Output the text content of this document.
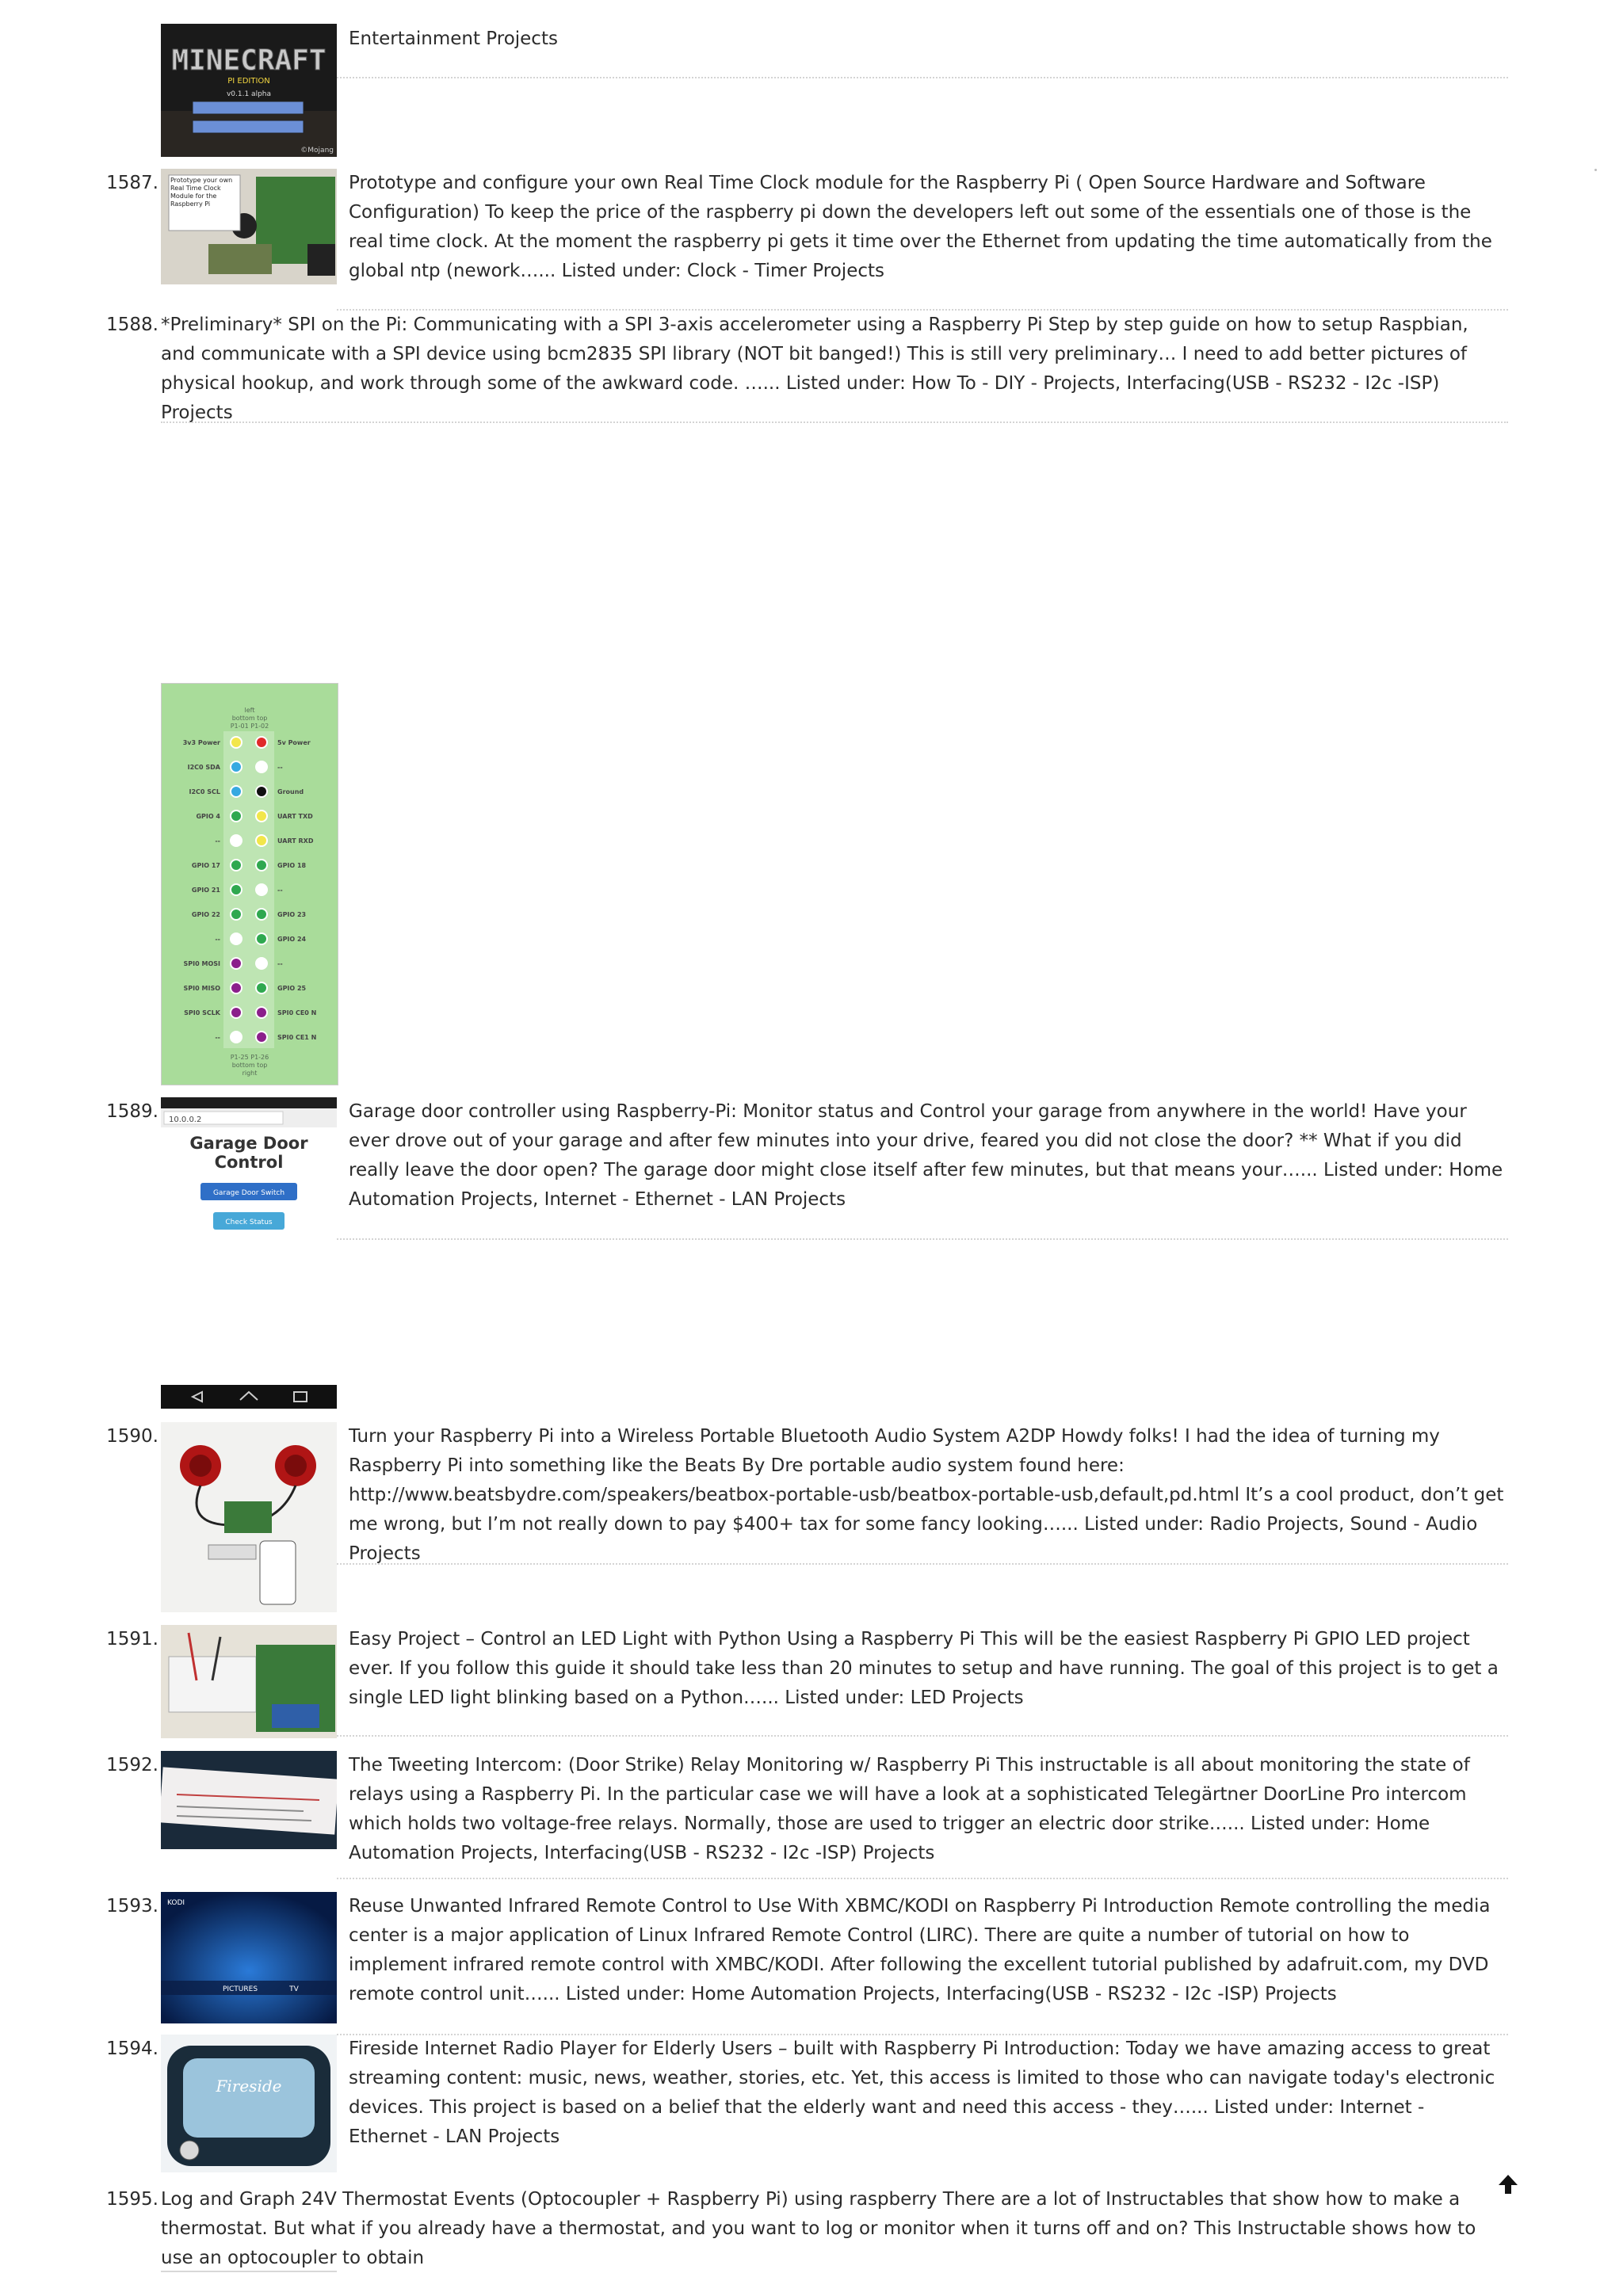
MINECRAFT
PI EDITION
v0.1.1 alpha
©Mojang
Entertainment Projects
1587. Prototype your own Real Time Clock Module for the Raspberry Pi
Prototype and configure your own Real Time Clock module for the Raspberry Pi ( Open Source Hardware and Software Configuration) To keep the price of the raspberry pi down the developers left out some of the essentials one of those is the real time clock. At the moment the raspberry pi gets it time over the Ethernet from updating the time automatically from the global ntp (nework…... Listed under: Clock - Timer Projects
1588. *Preliminary* SPI on the Pi: Communicating with a SPI 3-axis accelerometer using a Raspberry Pi Step by step guide on how to setup Raspbian, and communicate with a SPI device using bcm2835 SPI library (NOT bit banged!) This is still very preliminary… I need to add better pictures of physical hookup, and work through some of the awkward code. …... Listed under: How To - DIY - Projects, Interfacing(USB - RS232 - I2c -ISP) Projects
left
bottom top
P1-01 P1-02
3v3 Power	5v Power
I2C0 SDA	--
I2C0 SCL	Ground
GPIO 4	UART TXD
--	UART RXD
GPIO 17	GPIO 18
GPIO 21	--
GPIO 22	GPIO 23
--	GPIO 24
SPI0 MOSI	--
SPI0 MISO	GPIO 25
SPI0 SCLK	SPI0 CE0 N
--	SPI0 CE1 N
P1-25 P1-26
bottom top
right
1589. 10.0.0.2
Garage Door Control
Garage Door Switch
Check Status
Garage door controller using Raspberry-Pi: Monitor status and Control your garage from anywhere in the world! Have your ever drove out of your garage and after few minutes into your drive, feared you did not close the door? ** What if you did really leave the door open? The garage door might close itself after few minutes, but that means your…... Listed under: Home Automation Projects, Internet - Ethernet - LAN Projects
1590.	Turn your Raspberry Pi into a Wireless Portable Bluetooth Audio System A2DP Howdy folks! I had the idea of turning my Raspberry Pi into something like the Beats By Dre portable audio system found here: http://www.beatsbydre.com/speakers/beatbox-portable-usb/beatbox-portable-usb,default,pd.html It’s a cool product, don’t get me wrong, but I’m not really down to pay $400+ tax for some fancy looking…... Listed under: Radio Projects, Sound - Audio Projects
1591.	Easy Project – Control an LED Light with Python Using a Raspberry Pi This will be the easiest Raspberry Pi GPIO LED project ever. If you follow this guide it should take less than 20 minutes to setup and have running. The goal of this project is to get a single LED light blinking based on a Python…... Listed under: LED Projects
1592.	The Tweeting Intercom: (Door Strike) Relay Monitoring w/ Raspberry Pi This instructable is all about monitoring the state of relays using a Raspberry Pi. In the particular case we will have a look at a sophisticated Telegärtner DoorLine Pro intercom which holds two voltage-free relays. Normally, those are used to trigger an electric door strike…... Listed under: Home Automation Projects, Interfacing(USB - RS232 - I2c -ISP) Projects
1593. KODI
PICTURES	TV
Reuse Unwanted Infrared Remote Control to Use With XBMC/KODI on Raspberry Pi Introduction Remote controlling the media center is a major application of Linux Infrared Remote Control (LIRC). There are quite a number of tutorial on how to implement infrared remote control with XMBC/KODI. After following the excellent tutorial published by adafruit.com, my DVD remote control unit…... Listed under: Home Automation Projects, Interfacing(USB - RS232 - I2c -ISP) Projects
1594.
Fireside
Fireside Internet Radio Player for Elderly Users – built with Raspberry Pi Introduction: Today we have amazing access to great streaming content: music, news, weather, stories, etc. Yet, this access is limited to those who can navigate today's electronic devices. This project is based on a belief that the elderly want and need this access - they…... Listed under: Internet - Ethernet - LAN Projects
1595. Log and Graph 24V Thermostat Events (Optocoupler + Raspberry Pi) using raspberry There are a lot of Instructables that show how to make a thermostat. But what if you already have a thermostat, and you want to log or monitor when it turns off and on? This Instructable shows how to use an optocoupler to obtain
